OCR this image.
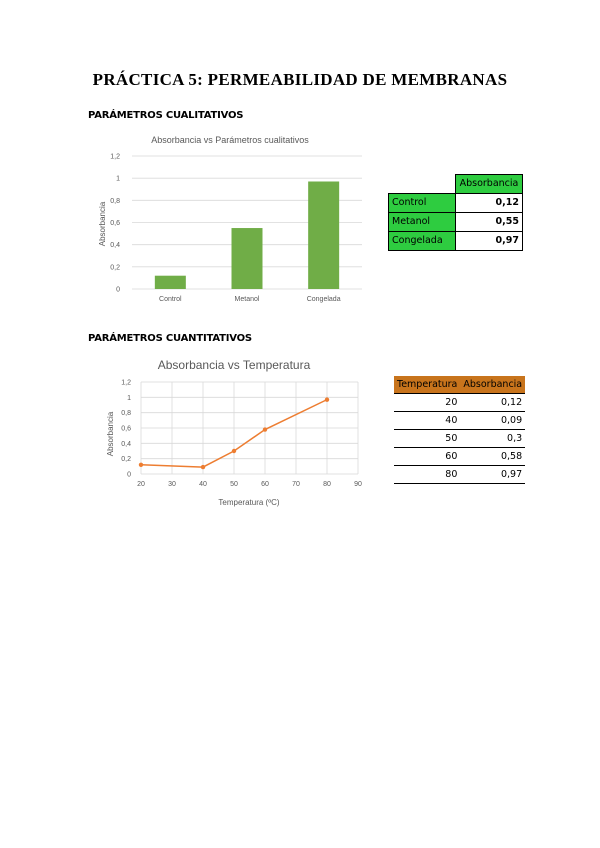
PRÁCTICA 5: PERMEABILIDAD DE MEMBRANAS
PARÁMETROS CUALITATIVOS
Absorbancia vs Parámetros cualitativos
Absorbancia
0
0,2
0,4
0,6
0,8
1
1,2
Control	Metanol	Congelada
	Absorbancia
Control	0,12
Metanol	0,55
Congelada	0,97
PARÁMETROS CUANTITATIVOS
Absorbancia vs Temperatura
Absorbancia
Temperatura (ºC)
0
0,2
0,4
0,6
0,8
1
1,2
20	30	40	50	60	70	80	90
Temperatura	Absorbancia
20	0,12
40	0,09
50	0,3
60	0,58
80	0,97
